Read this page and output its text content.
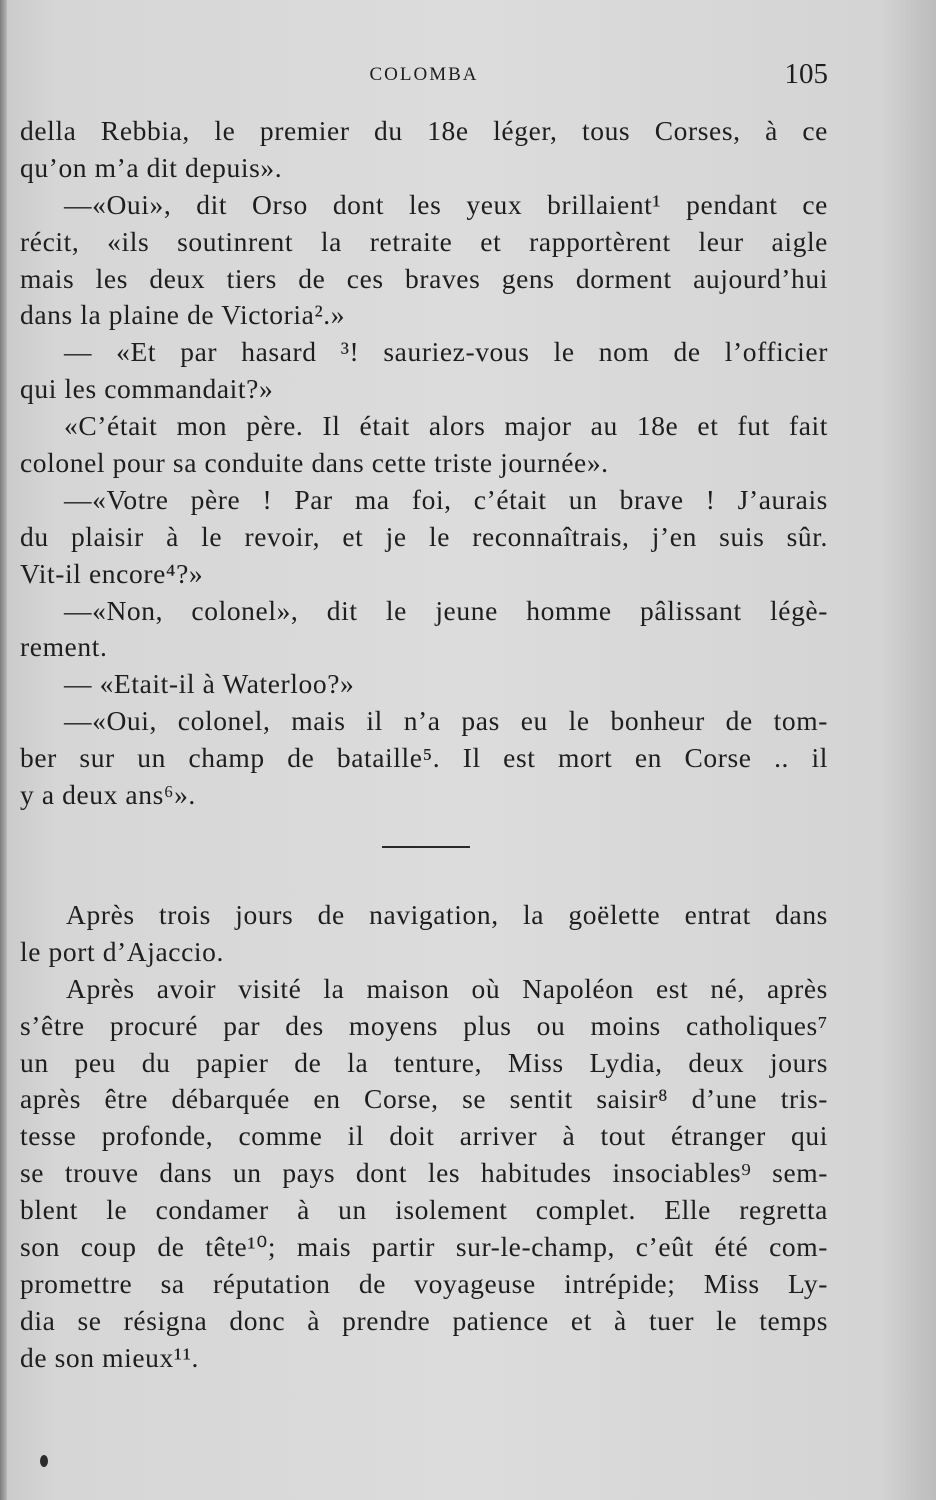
COLOMBA	105
della Rebbia, le premier du 18e léger, tous Corses, à ce
qu’on m’a dit depuis».
—«Oui», dit Orso dont les yeux brillaient¹ pendant ce
récit, «ils soutinrent la retraite et rapportèrent leur aigle
mais les deux tiers de ces braves gens dorment aujourd’hui
dans la plaine de Victoria².»
— «Et par hasard ³! sauriez-vous le nom de l’officier
qui les commandait?»
«C’était mon père. Il était alors major au 18e et fut fait
colonel pour sa conduite dans cette triste journée».
—«Votre père ! Par ma foi, c’était un brave ! J’aurais
du plaisir à le revoir, et je le reconnaîtrais, j’en suis sûr.
Vit-il encore⁴?»
—«Non, colonel», dit le jeune homme pâlissant légè-
rement.
— «Etait-il à Waterloo?»
—«Oui, colonel, mais il n’a pas eu le bonheur de tom-
ber sur un champ de bataille⁵. Il est mort en Corse .. il
y a deux ans⁶».
Après trois jours de navigation, la goëlette entrat dans
le port d’Ajaccio.
Après avoir visité la maison où Napoléon est né, après
s’être procuré par des moyens plus ou moins catholiques⁷
un peu du papier de la tenture, Miss Lydia, deux jours
après être débarquée en Corse, se sentit saisir⁸ d’une tris-
tesse profonde, comme il doit arriver à tout étranger qui
se trouve dans un pays dont les habitudes insociables⁹ sem-
blent le condamer à un isolement complet. Elle regretta
son coup de tête¹⁰; mais partir sur-le-champ, c’eût été com-
promettre sa réputation de voyageuse intrépide; Miss Ly-
dia se résigna donc à prendre patience et à tuer le temps
de son mieux¹¹.
